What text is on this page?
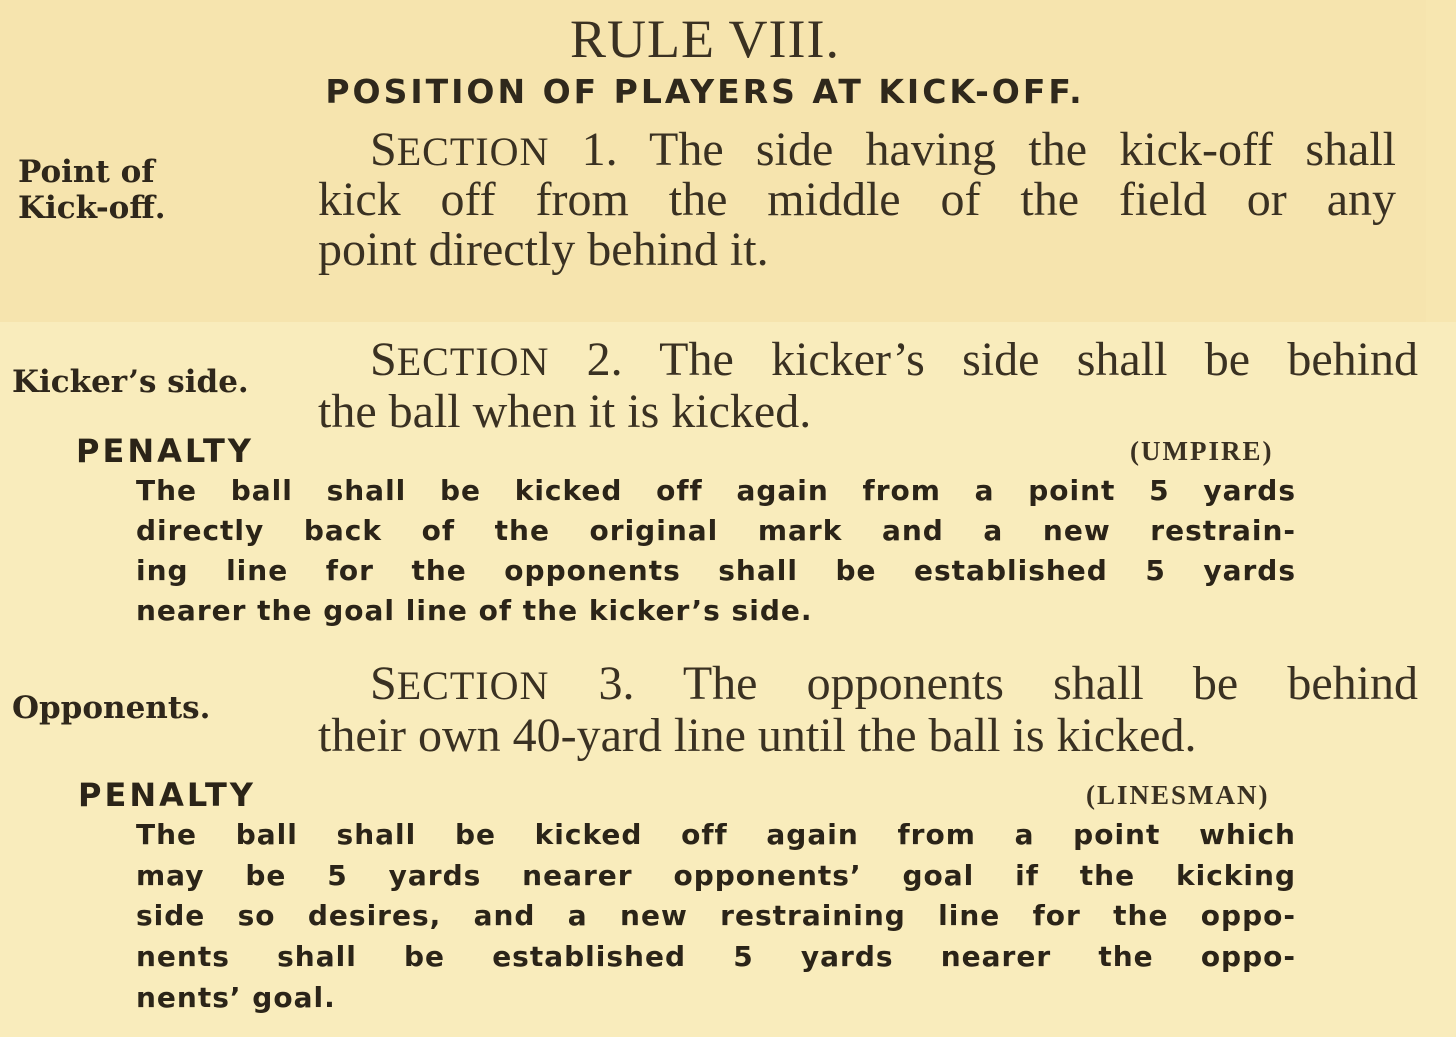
RULE VIII.
POSITION OF PLAYERS AT KICK-OFF.
Point of
Kick-off.
SECTION 1. The side having the kick-off shall
kick off from the middle of the field or any
point directly behind it.
Kicker’s side.	SECTION 2. The kicker’s side shall be behind
the ball when it is kicked.
PENALTY	(UMPIRE)
The ball shall be kicked off again from a point 5 yards
directly back of the original mark and a new restrain-
ing line for the opponents shall be established 5 yards
nearer the goal line of the kicker’s side.
Opponents.	SECTION 3. The opponents shall be behind
their own 40-yard line until the ball is kicked.
PENALTY	(LINESMAN)
The ball shall be kicked off again from a point which
may be 5 yards nearer opponents’ goal if the kicking
side so desires, and a new restraining line for the oppo-
nents shall be established 5 yards nearer the oppo-
nents’ goal.
